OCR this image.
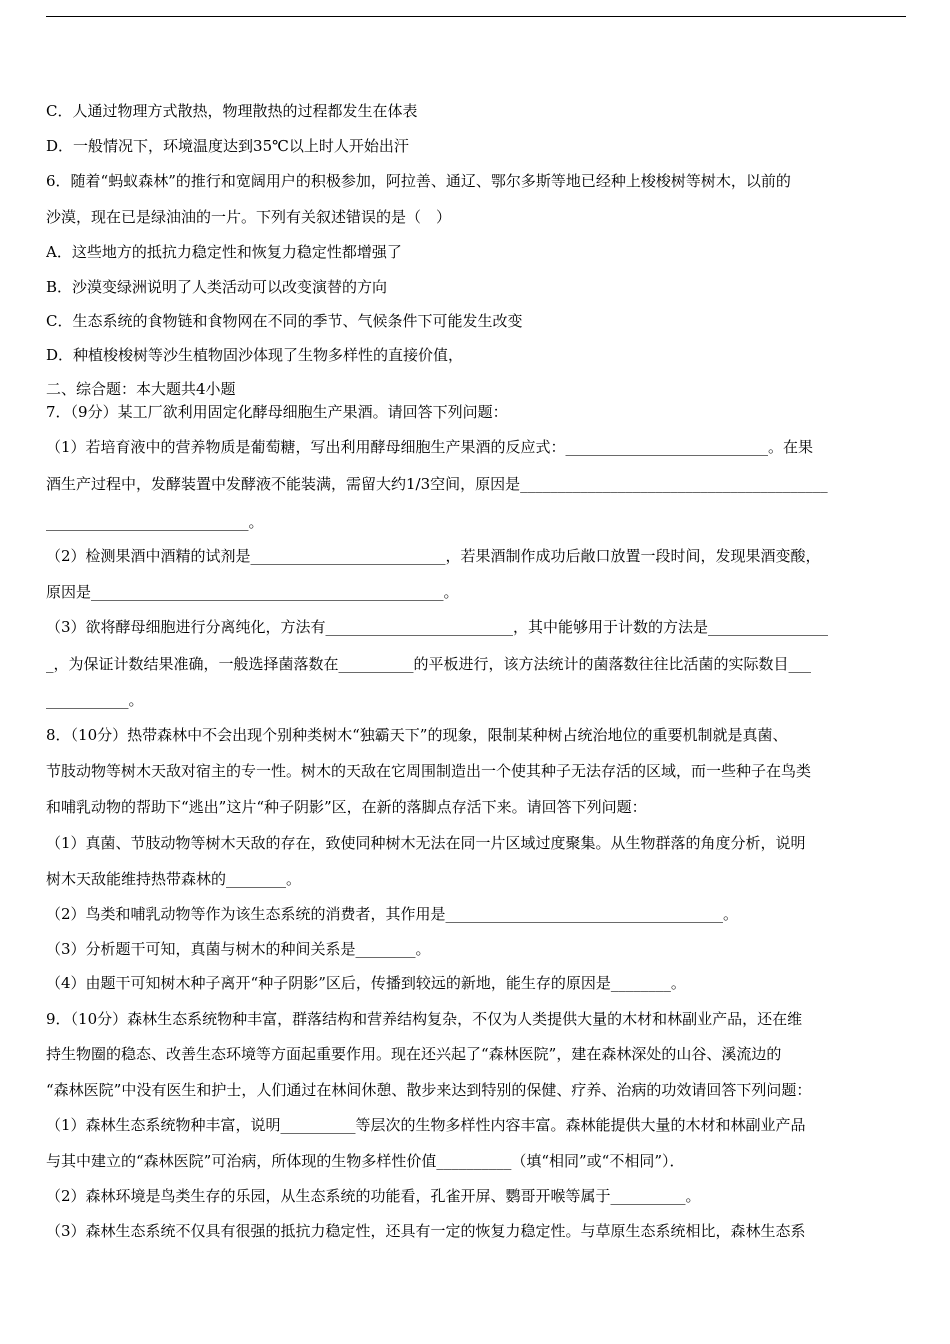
C．人通过物理方式散热，物理散热的过程都发生在体表
D．一般情况下，环境温度达到35℃以上时人开始出汗
6．随着“蚂蚁森林”的推行和宽阔用户的积极参加，阿拉善、通辽、鄂尔多斯等地已经种上梭梭树等树木，以前的
沙漠，现在已是绿油油的一片。下列有关叙述错误的是（　）
A．这些地方的抵抗力稳定性和恢复力稳定性都增强了
B．沙漠变绿洲说明了人类活动可以改变演替的方向
C．生态系统的食物链和食物网在不同的季节、气候条件下可能发生改变
D．种植梭梭树等沙生植物固沙体现了生物多样性的直接价值，
二、综合题：本大题共4小题
7．（9分）某工厂欲利用固定化酵母细胞生产果酒。请回答下列问题：
（1）若培育液中的营养物质是葡萄糖，写出利用酵母细胞生产果酒的反应式：___________________________。在果
酒生产过程中，发酵装置中发酵液不能装满，需留大约1/3空间，原因是_________________________________________
___________________________。
（2）检测果酒中酒精的试剂是__________________________，若果酒制作成功后敞口放置一段时间，发现果酒变酸，
原因是_______________________________________________。
（3）欲将酵母细胞进行分离纯化，方法有_________________________，其中能够用于计数的方法是________________
_，为保证计数结果准确，一般选择菌落数在__________的平板进行，该方法统计的菌落数往往比活菌的实际数目___
___________。
8．（10分）热带森林中不会出现个别种类树木“独霸天下”的现象，限制某种树占统治地位的重要机制就是真菌、
节肢动物等树木天敌对宿主的专一性。树木的天敌在它周围制造出一个使其种子无法存活的区域，而一些种子在鸟类
和哺乳动物的帮助下“逃出”这片“种子阴影”区，在新的落脚点存活下来。请回答下列问题：
（1）真菌、节肢动物等树木天敌的存在，致使同种树木无法在同一片区域过度聚集。从生物群落的角度分析，说明
树木天敌能维持热带森林的________。
（2）鸟类和哺乳动物等作为该生态系统的消费者，其作用是_____________________________________。
（3）分析题干可知，真菌与树木的种间关系是________。
（4）由题干可知树木种子离开“种子阴影”区后，传播到较远的新地，能生存的原因是________。
9．（10分）森林生态系统物种丰富，群落结构和营养结构复杂，不仅为人类提供大量的木材和林副业产品，还在维
持生物圈的稳态、改善生态环境等方面起重要作用。现在还兴起了“森林医院”，建在森林深处的山谷、溪流边的
“森林医院”中没有医生和护士，人们通过在林间休憩、散步来达到特别的保健、疗养、治病的功效请回答下列问题：
（1）森林生态系统物种丰富，说明__________等层次的生物多样性内容丰富。森林能提供大量的木材和林副业产品
与其中建立的“森林医院”可治病，所体现的生物多样性价值__________（填“相同”或“不相同”）．
（2）森林环境是鸟类生存的乐园，从生态系统的功能看，孔雀开屏、鹦哥开喉等属于__________。
（3）森林生态系统不仅具有很强的抵抗力稳定性，还具有一定的恢复力稳定性。与草原生态系统相比，森林生态系
